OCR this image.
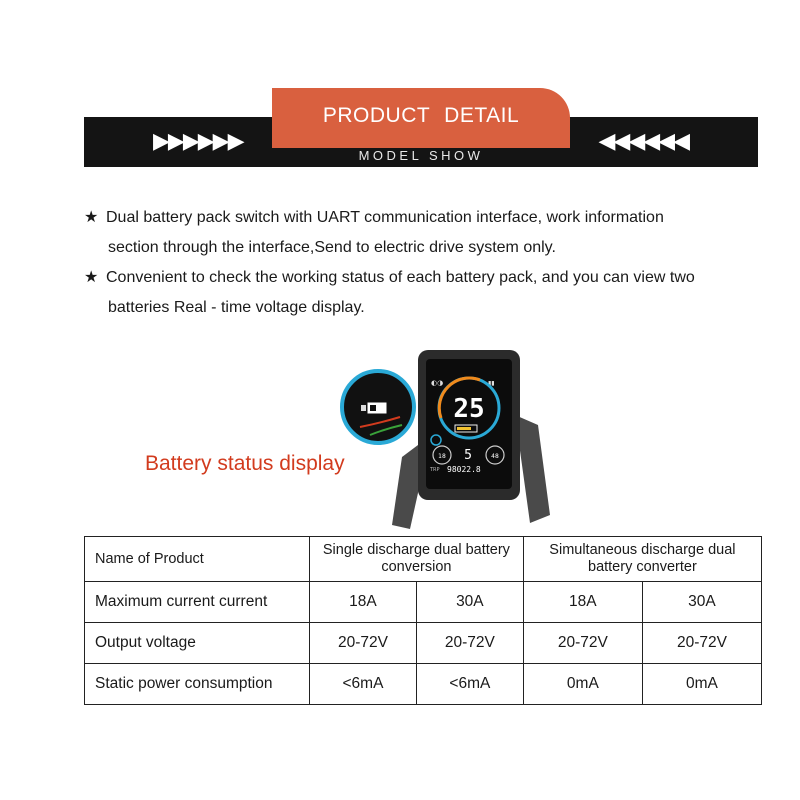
▶▶▶▶▶▶	◀◀◀◀◀◀
PRODUCT DETAIL
MODEL SHOW
★ Dual battery pack switch with UART communication interface, work information
section through the interface,Send to electric drive system only.
★ Convenient to check the working status of each battery pack, and you can view two
batteries Real - time voltage display.
◐◑	▮▮
25
18	48
5
TRP 98022.8
Battery status display
Name of Product	Single discharge dual battery conversion		Simultaneous discharge dual battery converter	
Maximum current current	18A	30A	18A	30A
Output voltage	20-72V	20-72V	20-72V	20-72V
Static power consumption	<6mA	<6mA	0mA	0mA
